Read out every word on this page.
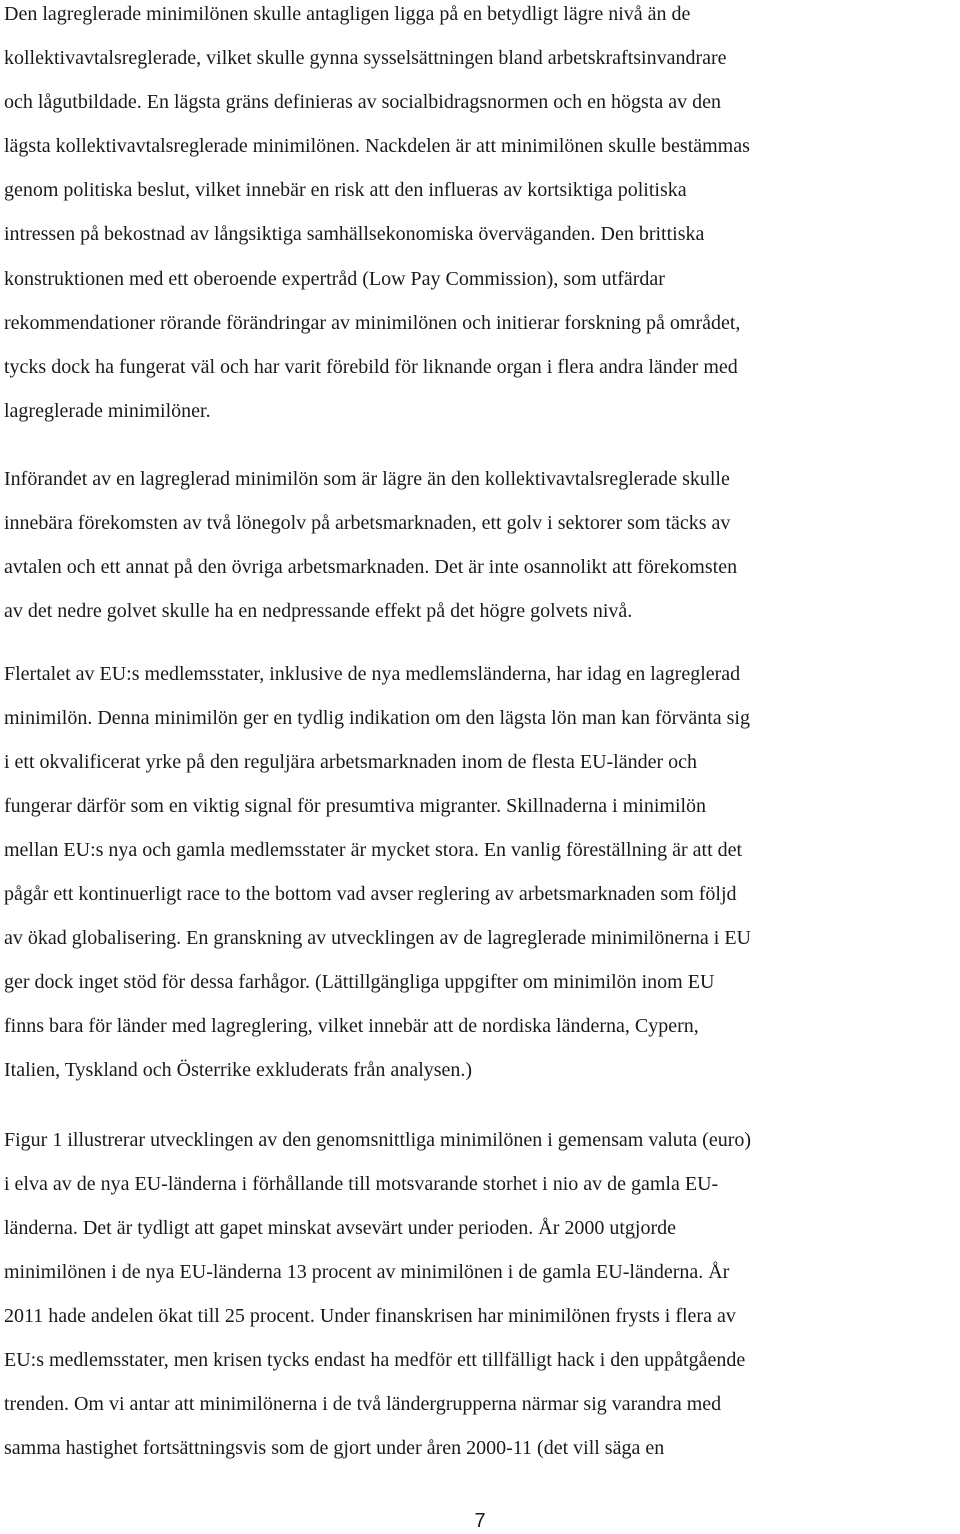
Den lagreglerade minimilönen skulle antagligen ligga på en betydligt lägre nivå än de
kollektivavtalsreglerade, vilket skulle gynna sysselsättningen bland arbetskraftsinvandrare
och lågutbildade. En lägsta gräns definieras av socialbidragsnormen och en högsta av den
lägsta kollektivavtalsreglerade minimilönen. Nackdelen är att minimilönen skulle bestämmas
genom politiska beslut, vilket innebär en risk att den influeras av kortsiktiga politiska
intressen på bekostnad av långsiktiga samhällsekonomiska överväganden. Den brittiska
konstruktionen med ett oberoende expertråd (Low Pay Commission), som utfärdar
rekommendationer rörande förändringar av minimilönen och initierar forskning på området,
tycks dock ha fungerat väl och har varit förebild för liknande organ i flera andra länder med
lagreglerade minimilöner.
Införandet av en lagreglerad minimilön som är lägre än den kollektivavtalsreglerade skulle
innebära förekomsten av två lönegolv på arbetsmarknaden, ett golv i sektorer som täcks av
avtalen och ett annat på den övriga arbetsmarknaden. Det är inte osannolikt att förekomsten
av det nedre golvet skulle ha en nedpressande effekt på det högre golvets nivå.
Flertalet av EU:s medlemsstater, inklusive de nya medlemsländerna, har idag en lagreglerad
minimilön. Denna minimilön ger en tydlig indikation om den lägsta lön man kan förvänta sig
i ett okvalificerat yrke på den reguljära arbetsmarknaden inom de flesta EU-länder och
fungerar därför som en viktig signal för presumtiva migranter. Skillnaderna i minimilön
mellan EU:s nya och gamla medlemsstater är mycket stora. En vanlig föreställning är att det
pågår ett kontinuerligt race to the bottom vad avser reglering av arbetsmarknaden som följd
av ökad globalisering. En granskning av utvecklingen av de lagreglerade minimilönerna i EU
ger dock inget stöd för dessa farhågor. (Lättillgängliga uppgifter om minimilön inom EU
finns bara för länder med lagreglering, vilket innebär att de nordiska länderna, Cypern,
Italien, Tyskland och Österrike exkluderats från analysen.)
Figur 1 illustrerar utvecklingen av den genomsnittliga minimilönen i gemensam valuta (euro)
i elva av de nya EU-länderna i förhållande till motsvarande storhet i nio av de gamla EU-
länderna. Det är tydligt att gapet minskat avsevärt under perioden. År 2000 utgjorde
minimilönen i de nya EU-länderna 13 procent av minimilönen i de gamla EU-länderna. År
2011 hade andelen ökat till 25 procent. Under finanskrisen har minimilönen frysts i flera av
EU:s medlemsstater, men krisen tycks endast ha medför ett tillfälligt hack i den uppåtgående
trenden. Om vi antar att minimilönerna i de två ländergrupperna närmar sig varandra med
samma hastighet fortsättningsvis som de gjort under åren 2000-11 (det vill säga en
7
